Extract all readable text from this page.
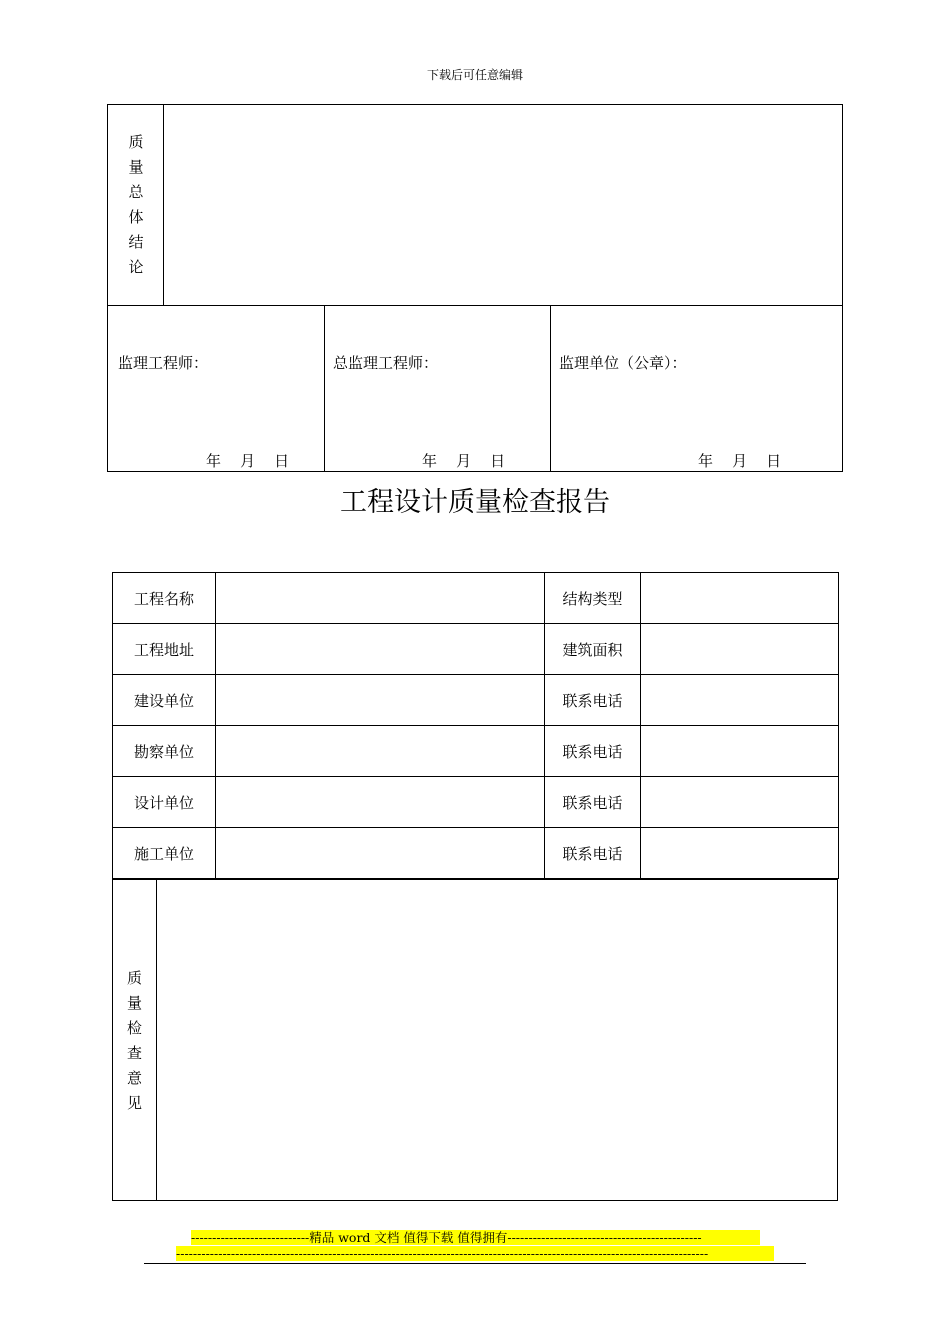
下载后可任意编辑
质
量
总
体
结
论
监理工程师：
年    月    日
总监理工程师：
年    月    日
监理单位（公章）：
年    月    日
工程设计质量检查报告
工程名称		结构类型	
工程地址		建筑面积	
建设单位		联系电话	
勘察单位		联系电话	
设计单位		联系电话	
施工单位		联系电话	
质
量
检
查
意
见
----------------------------精品 word 文档 值得下载 值得拥有----------------------------------------------
------------------------------------------------------------------------------------------------------------------------------
